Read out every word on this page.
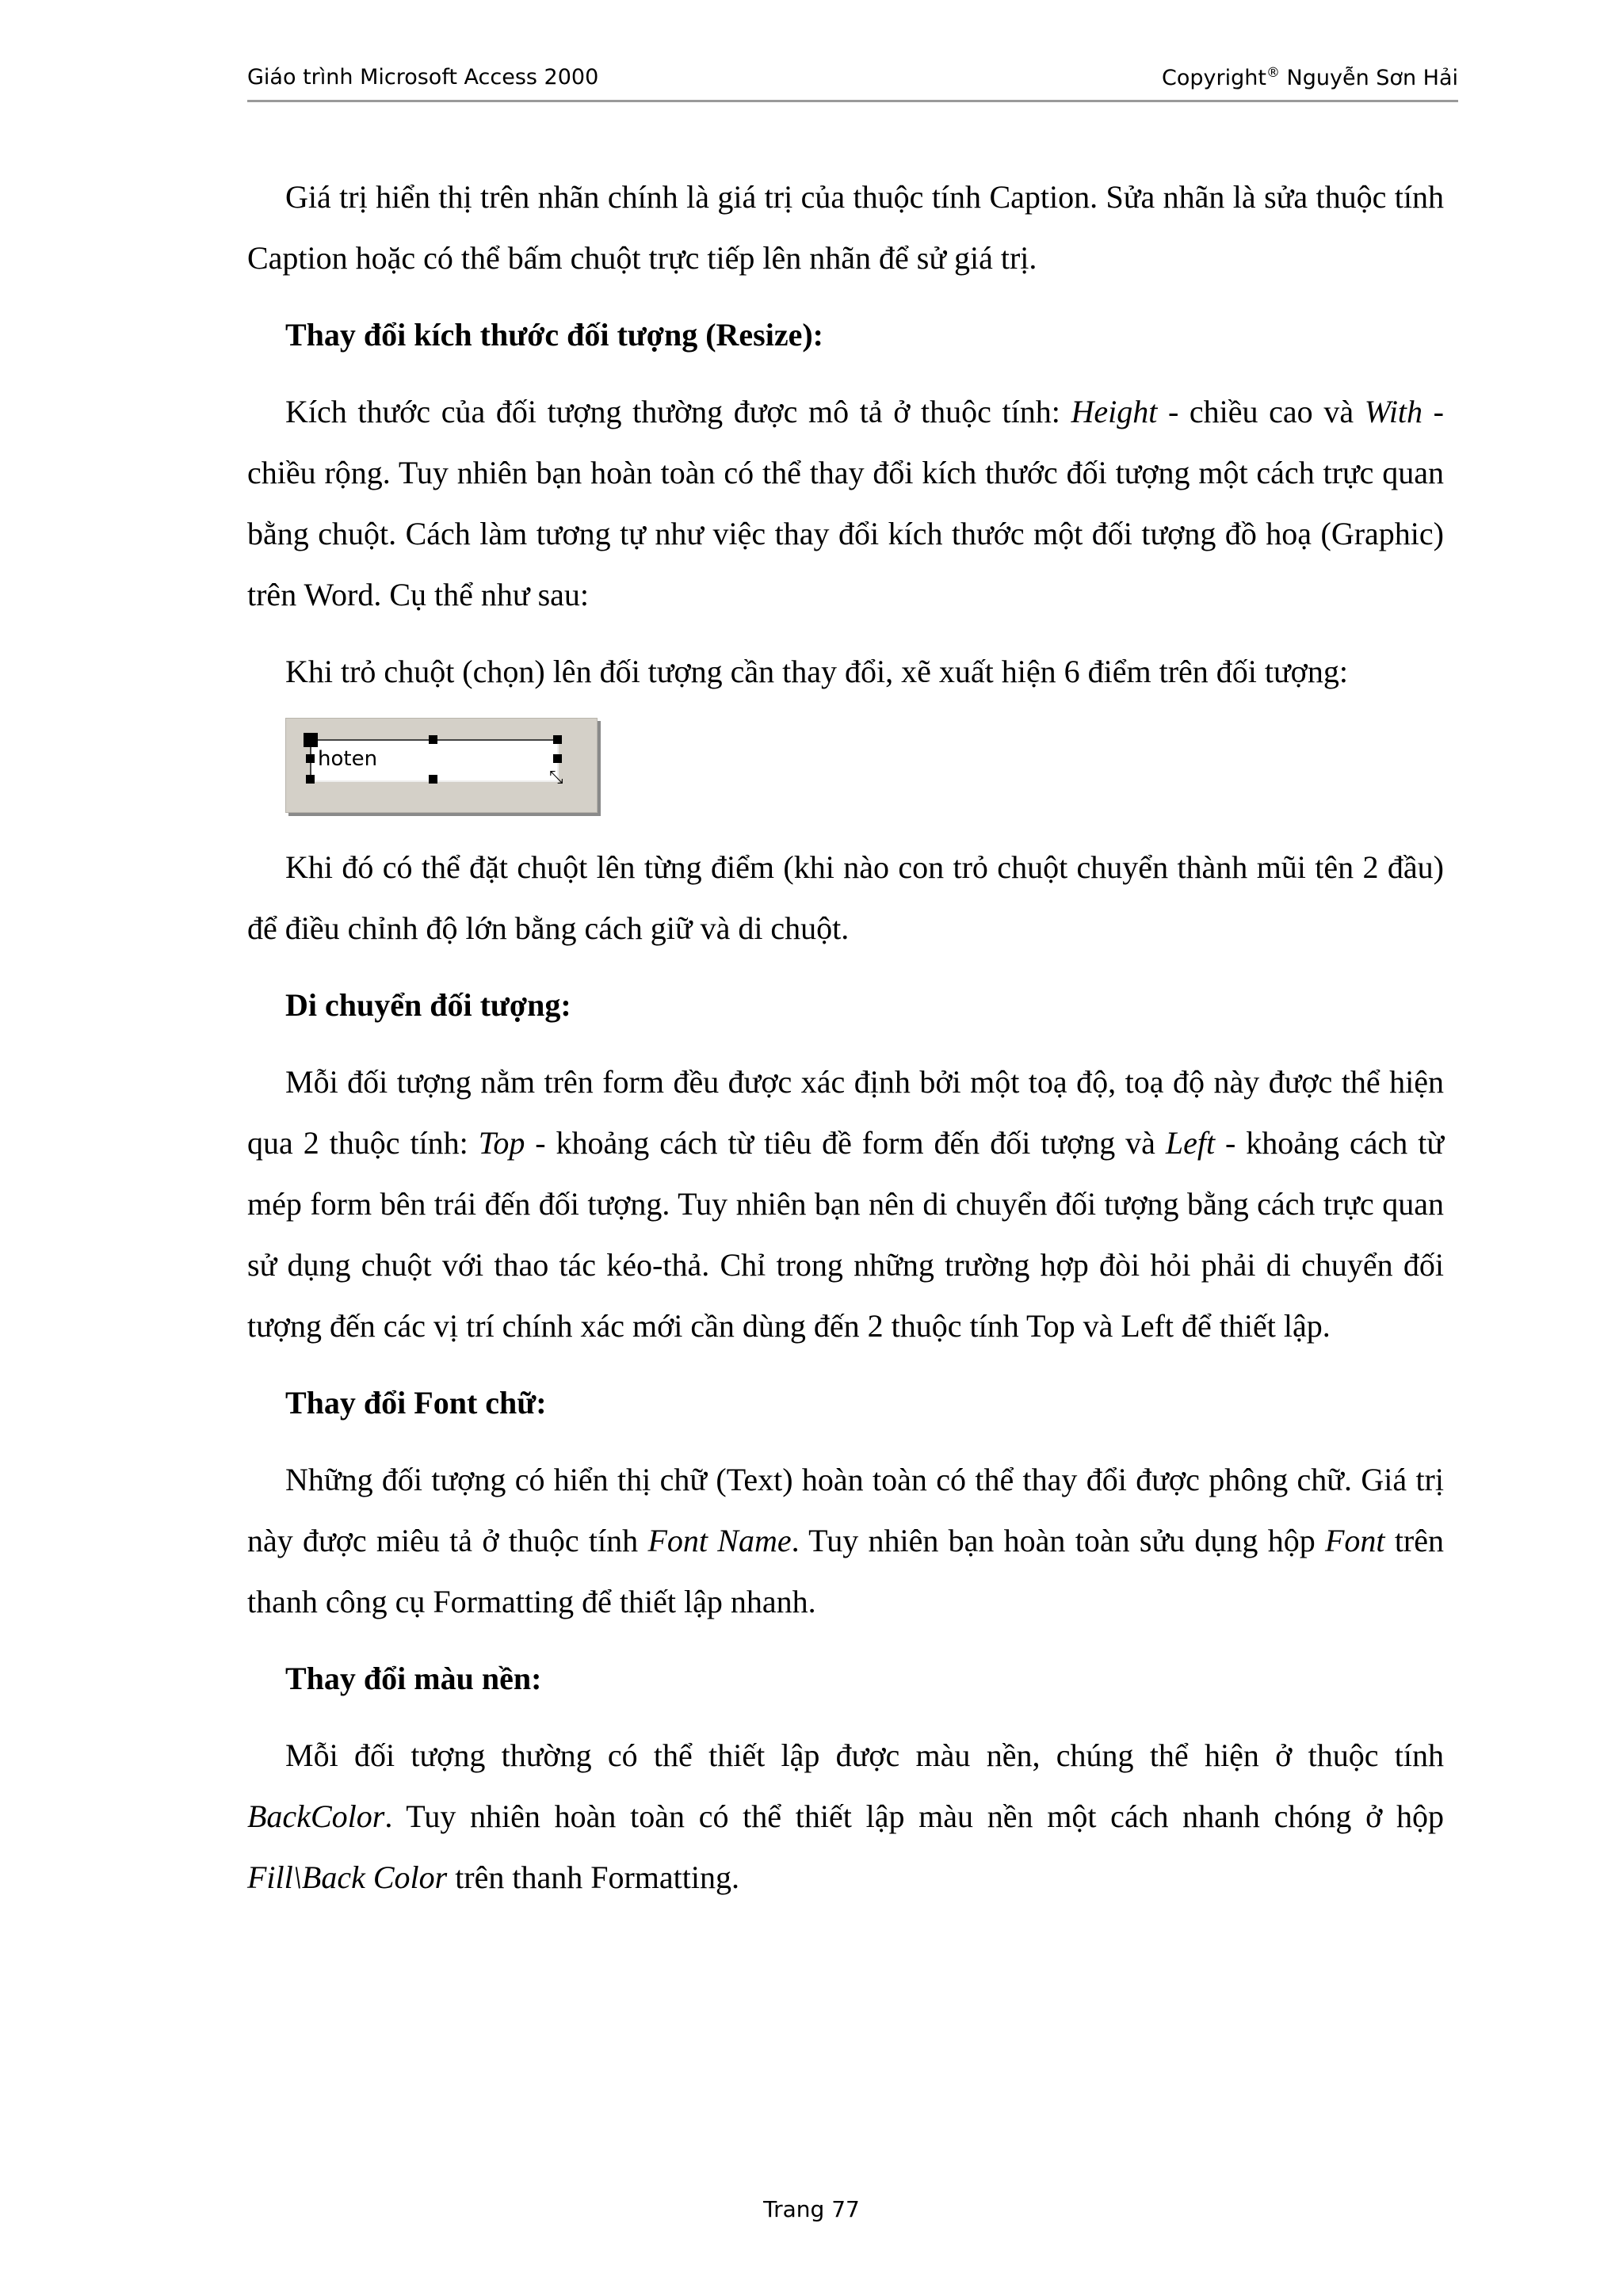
Giáo trình Microsoft Access 2000	Copyright® Nguyễn Sơn Hải

Giá trị hiển thị trên nhãn chính là giá trị của thuộc tính Caption. Sửa nhãn là sửa thuộc tính Caption hoặc có thể bấm chuột trực tiếp lên nhãn để sử giá trị.

Thay đổi kích thước đối tượng (Resize):

Kích thước của đối tượng thường được mô tả ở thuộc tính: Height - chiều cao và With - chiều rộng. Tuy nhiên bạn hoàn toàn có thể thay đổi kích thước đối tượng một cách trực quan bằng chuột. Cách làm tương tự như việc thay đổi kích thước một đối tượng đồ hoạ (Graphic) trên Word. Cụ thể như sau:

Khi trỏ chuột (chọn) lên đối tượng cần thay đổi, xẽ xuất hiện 6 điểm trên đối tượng:

hoten
⤡

Khi đó có thể đặt chuột lên từng điểm (khi nào con trỏ chuột chuyển thành mũi tên 2 đầu) để điều chỉnh độ lớn bằng cách giữ và di chuột.

Di chuyển đối tượng:

Mỗi đối tượng nằm trên form đều được xác định bởi một toạ độ, toạ độ này được thể hiện qua 2 thuộc tính: Top - khoảng cách từ tiêu đề form đến đối tượng và Left - khoảng cách từ mép form bên trái đến đối tượng. Tuy nhiên bạn nên di chuyển đối tượng bằng cách trực quan sử dụng chuột với thao tác kéo-thả. Chỉ trong những trường hợp đòi hỏi phải di chuyển đối tượng đến các vị trí chính xác mới cần dùng đến 2 thuộc tính Top và Left để thiết lập.

Thay đổi Font chữ:

Những đối tượng có hiển thị chữ (Text) hoàn toàn có thể thay đổi được phông chữ. Giá trị này được miêu tả ở thuộc tính Font Name. Tuy nhiên bạn hoàn toàn sửu dụng hộp Font trên thanh công cụ Formatting để thiết lập nhanh.

Thay đổi màu nền:

Mỗi đối tượng thường có thể thiết lập được màu nền, chúng thể hiện ở thuộc tính BackColor. Tuy nhiên hoàn toàn có thể thiết lập màu nền một cách nhanh chóng ở hộp Fill\Back Color trên thanh Formatting.

Trang 77
